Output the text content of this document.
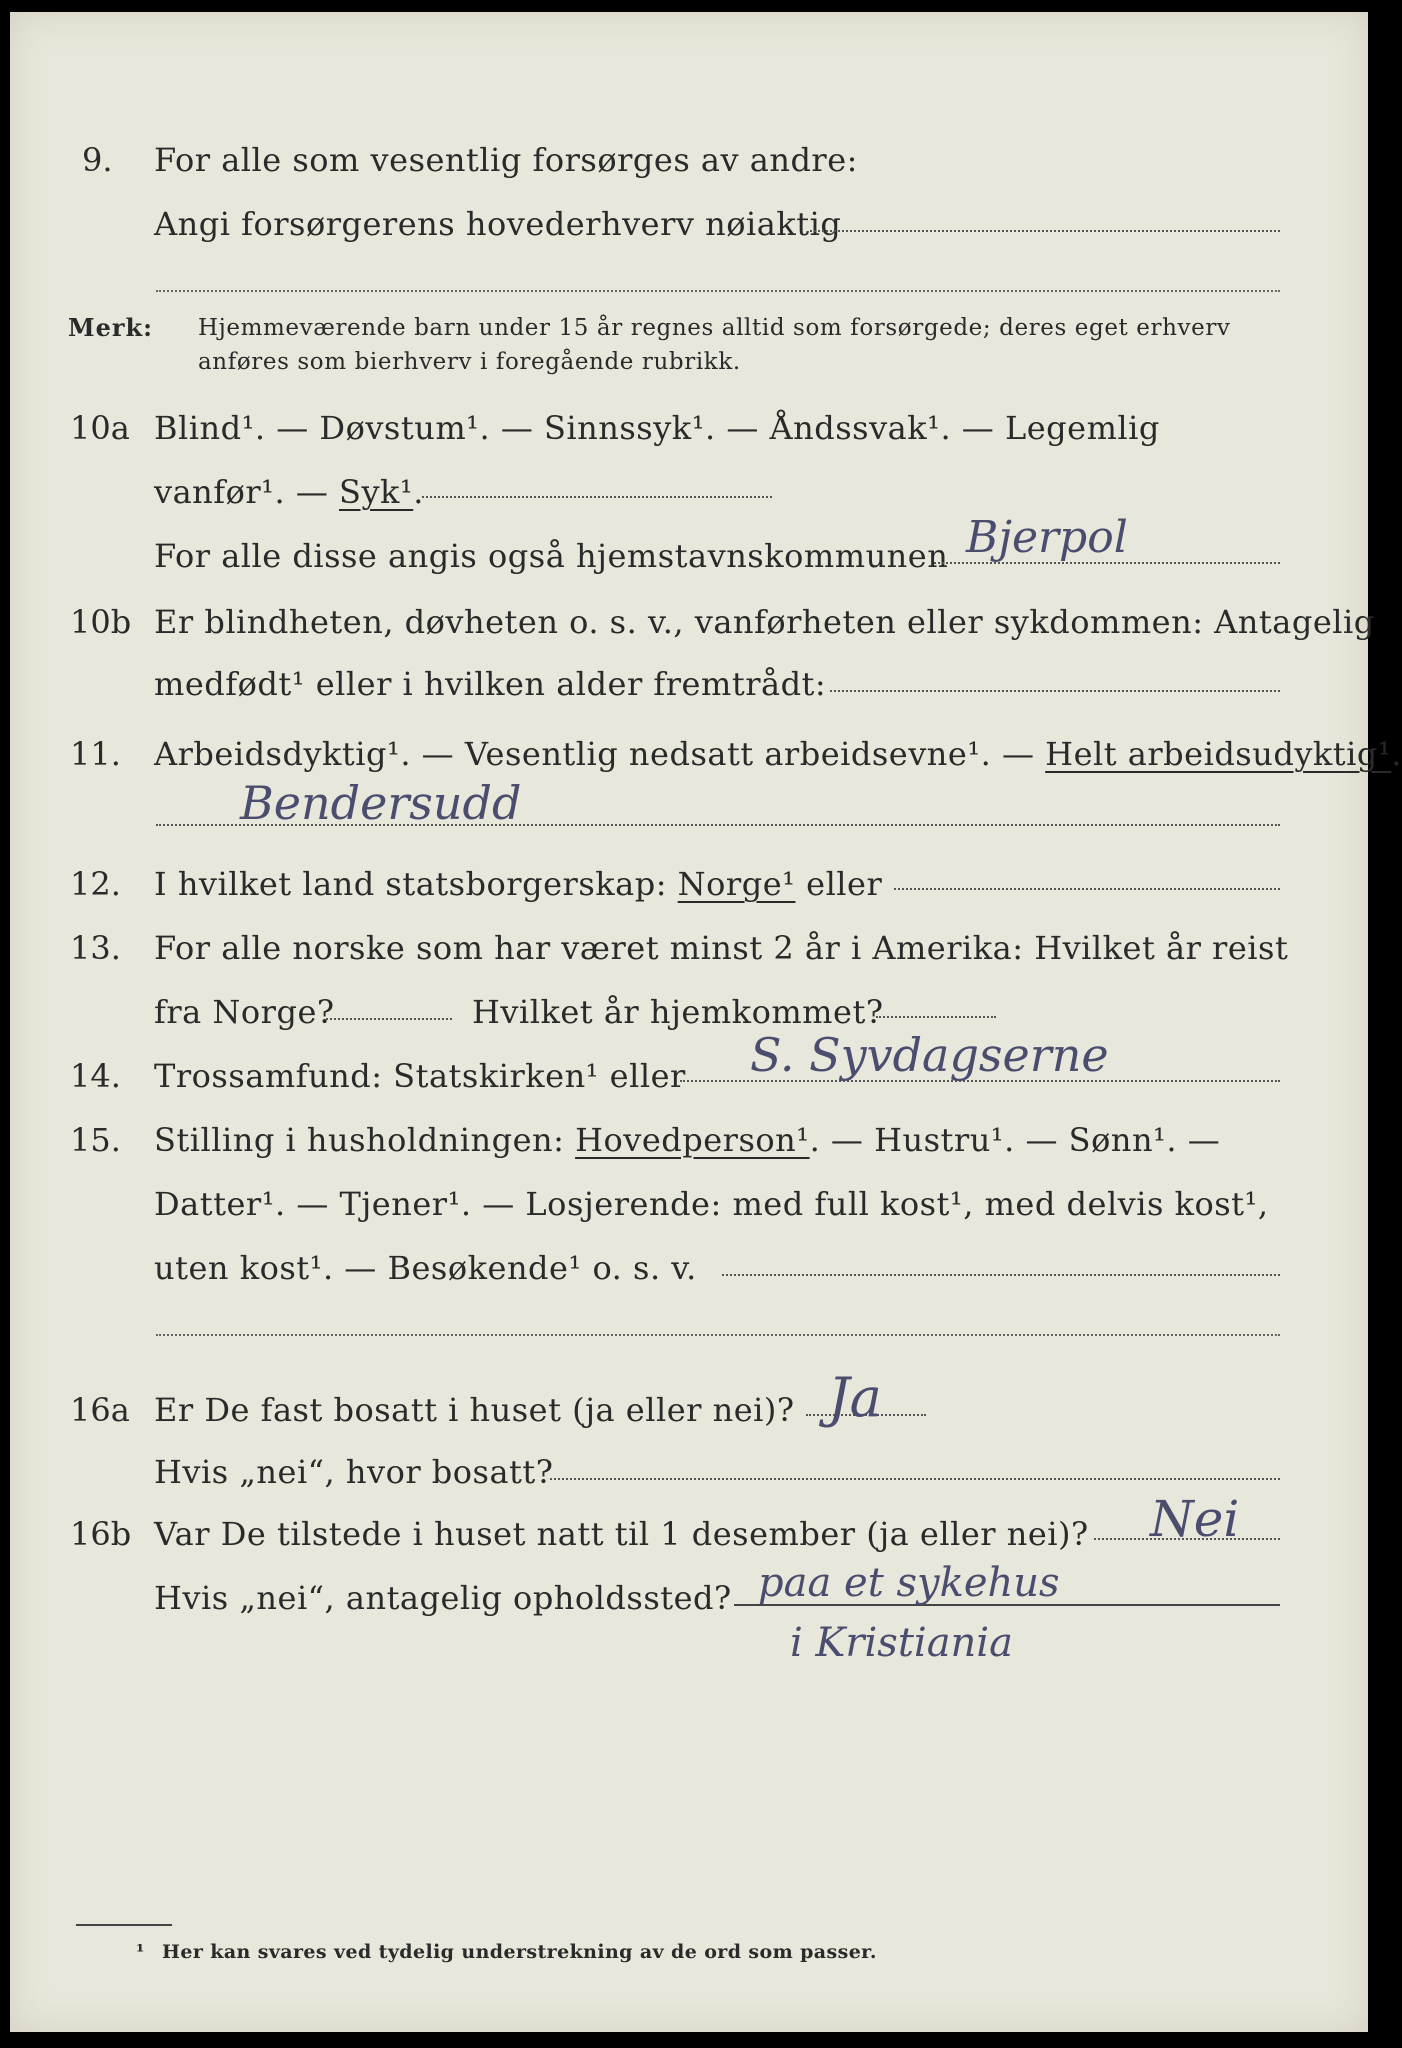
9. For alle som vesentlig forsørges av andre:
Angi forsørgerens hovederhverv nøiaktig
Merk: Hjemmeværende barn under 15 år regnes alltid som forsørgede; deres eget erhverv
anføres som bierhverv i foregående rubrikk.
10a Blind¹. — Døvstum¹. — Sinnssyk¹. — Åndssvak¹. — Legemlig
vanfør¹. — Syk¹.
For alle disse angis også hjemstavnskommunen Bjerpol
10b Er blindheten, døvheten o. s. v., vanførheten eller sykdommen: Antagelig
medfødt¹ eller i hvilken alder fremtrådt:
11. Arbeidsdyktig¹. — Vesentlig nedsatt arbeidsevne¹. — Helt arbeidsudyktig¹.
Bendersudd
12. I hvilket land statsborgerskap: Norge¹ eller
13. For alle norske som har været minst 2 år i Amerika: Hvilket år reist
fra Norge?	Hvilket år hjemkommet?
14. Trossamfund: Statskirken¹ eller S. Syvdagserne
15. Stilling i husholdningen: Hovedperson¹. — Hustru¹. — Sønn¹. —
Datter¹. — Tjener¹. — Losjerende: med full kost¹, med delvis kost¹,
uten kost¹. — Besøkende¹ o. s. v.
16a Er De fast bosatt i huset (ja eller nei)? Ja
Hvis „nei“, hvor bosatt?
16b Var De tilstede i huset natt til 1 desember (ja eller nei)? Nei
Hvis „nei“, antagelig opholdssted? paa et sykehus
i Kristiania
¹ Her kan svares ved tydelig understrekning av de ord som passer.
